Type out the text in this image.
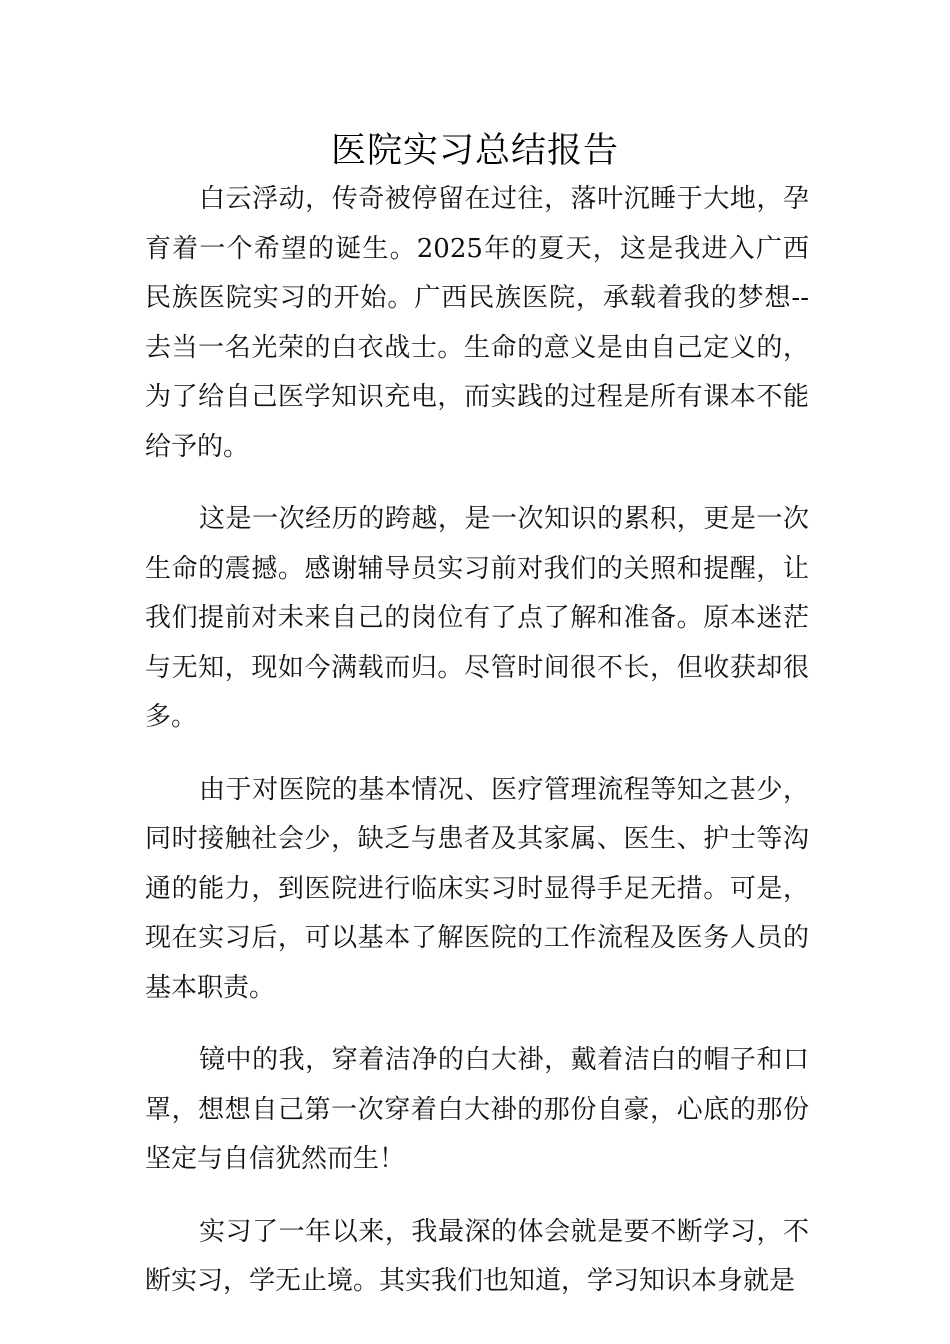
医院实习总结报告

白云浮动，传奇被停留在过往，落叶沉睡于大地，孕育着一个希望的诞生。2025年的夏天，这是我进入广西民族医院实习的开始。广西民族医院，承载着我的梦想--去当一名光荣的白衣战士。生命的意义是由自己定义的，为了给自己医学知识充电，而实践的过程是所有课本不能给予的。

这是一次经历的跨越，是一次知识的累积，更是一次生命的震撼。感谢辅导员实习前对我们的关照和提醒，让我们提前对未来自己的岗位有了点了解和准备。原本迷茫与无知，现如今满载而归。尽管时间很不长，但收获却很多。

由于对医院的基本情况、医疗管理流程等知之甚少，同时接触社会少，缺乏与患者及其家属、医生、护士等沟通的能力，到医院进行临床实习时显得手足无措。可是，现在实习后，可以基本了解医院的工作流程及医务人员的基本职责。

镜中的我，穿着洁净的白大褂，戴着洁白的帽子和口罩，想想自己第一次穿着白大褂的那份自豪，心底的那份坚定与自信犹然而生！

实习了一年以来，我最深的体会就是要不断学习，不断实习，学无止境。其实我们也知道，学习知识本身就是
